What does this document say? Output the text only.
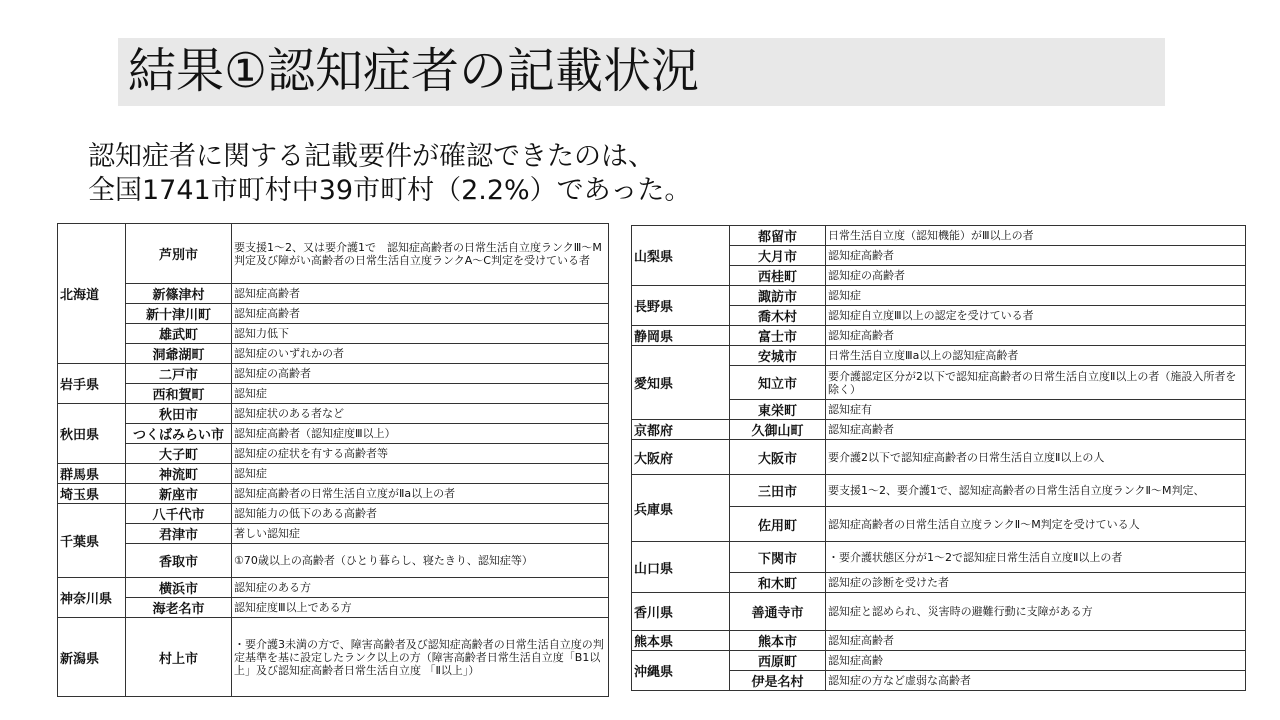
結果①認知症者の記載状況
認知症者に関する記載要件が確認できたのは、
全国1741市町村中39市町村（2.2%）であった。
北海道	芦別市	要支援1～2、又は要介護1で　認知症高齢者の日常生活自立度ランクⅢ～M判定及び障がい高齢者の日常生活自立度ランクA～C判定を受けている者
	新篠津村	認知症高齢者
	新十津川町	認知症高齢者
	雄武町	認知力低下
	洞爺湖町	認知症のいずれかの者
岩手県	二戸市	認知症の高齢者
	西和賀町	認知症
秋田県	秋田市	認知症状のある者など
	つくばみらい市	認知症高齢者（認知症度Ⅲ以上）
	大子町	認知症の症状を有する高齢者等
群馬県	神流町	認知症
埼玉県	新座市	認知症高齢者の日常生活自立度がⅡa以上の者
千葉県	八千代市	認知能力の低下のある高齢者
	君津市	著しい認知症
	香取市	①70歳以上の高齢者（ひとり暮らし、寝たきり、認知症等）
神奈川県	横浜市	認知症のある方
	海老名市	認知症度Ⅲ以上である方
新潟県	村上市	・要介護3未満の方で、障害高齢者及び認知症高齢者の日常生活自立度の判定基準を基に設定したランク以上の方（障害高齢者日常生活自立度「B1以上」及び認知症高齢者日常生活自立度 「Ⅱ以上」）
山梨県	都留市	日常生活自立度（認知機能）がⅢ以上の者
	大月市	認知症高齢者
	西桂町	認知症の高齢者
長野県	諏訪市	認知症
	喬木村	認知症自立度Ⅲ以上の認定を受けている者
静岡県	富士市	認知症高齢者
愛知県	安城市	日常生活自立度Ⅲa以上の認知症高齢者
	知立市	要介護認定区分が2以下で認知症高齢者の日常生活自立度Ⅱ以上の者（施設入所者を除く）
	東栄町	認知症有
京都府	久御山町	認知症高齢者
大阪府	大阪市	要介護2以下で認知症高齢者の日常生活自立度Ⅱ以上の人
兵庫県	三田市	要支援1～2、要介護1で、認知症高齢者の日常生活自立度ランクⅡ～M判定、
	佐用町	認知症高齢者の日常生活自立度ランクⅡ～M判定を受けている人
山口県	下関市	・要介護状態区分が1～2で認知症日常生活自立度Ⅱ以上の者
	和木町	認知症の診断を受けた者
香川県	善通寺市	認知症と認められ、災害時の避難行動に支障がある方
熊本県	熊本市	認知症高齢者
沖縄県	西原町	認知症高齢
	伊是名村	認知症の方など虚弱な高齢者
